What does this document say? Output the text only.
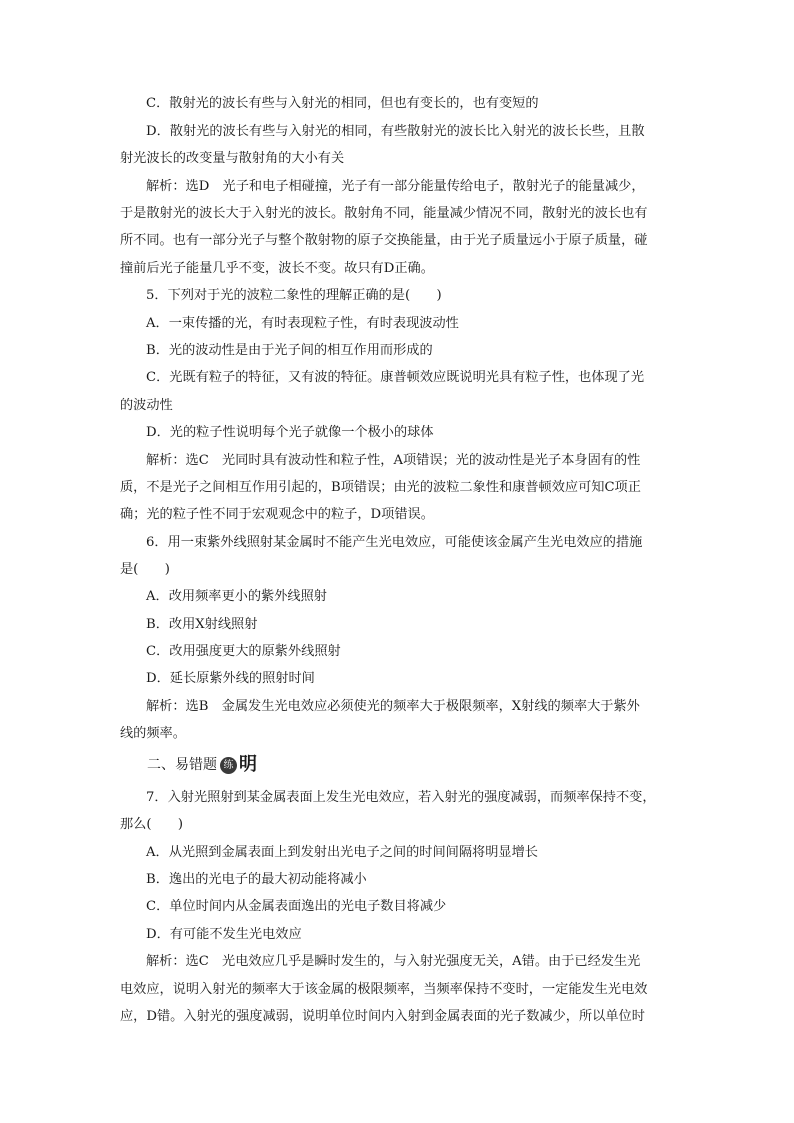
C．散射光的波长有些与入射光的相同，但也有变长的，也有变短的
D．散射光的波长有些与入射光的相同，有些散射光的波长比入射光的波长长些，且散
射光波长的改变量与散射角的大小有关
解析：选D　光子和电子相碰撞，光子有一部分能量传给电子，散射光子的能量减少，
于是散射光的波长大于入射光的波长。散射角不同，能量减少情况不同，散射光的波长也有
所不同。也有一部分光子与整个散射物的原子交换能量，由于光子质量远小于原子质量，碰
撞前后光子能量几乎不变，波长不变。故只有D正确。
5．下列对于光的波粒二象性的理解正确的是(　　)
A．一束传播的光，有时表现粒子性，有时表现波动性
B．光的波动性是由于光子间的相互作用而形成的
C．光既有粒子的特征，又有波的特征。康普顿效应既说明光具有粒子性，也体现了光
的波动性
D．光的粒子性说明每个光子就像一个极小的球体
解析：选C　光同时具有波动性和粒子性，A项错误；光的波动性是光子本身固有的性
质，不是光子之间相互作用引起的，B项错误；由光的波粒二象性和康普顿效应可知C项正
确；光的粒子性不同于宏观观念中的粒子，D项错误。
6．用一束紫外线照射某金属时不能产生光电效应，可能使该金属产生光电效应的措施
是(　　)
A．改用频率更小的紫外线照射
B．改用X射线照射
C．改用强度更大的原紫外线照射
D．延长原紫外线的照射时间
解析：选B　金属发生光电效应必须使光的频率大于极限频率，X射线的频率大于紫外
线的频率。
二、易错题 练 明
7．入射光照射到某金属表面上发生光电效应，若入射光的强度减弱，而频率保持不变，
那么(　　)
A．从光照到金属表面上到发射出光电子之间的时间间隔将明显增长
B．逸出的光电子的最大初动能将减小
C．单位时间内从金属表面逸出的光电子数目将减少
D．有可能不发生光电效应
解析：选C　光电效应几乎是瞬时发生的，与入射光强度无关，A错。由于已经发生光
电效应，说明入射光的频率大于该金属的极限频率，当频率保持不变时，一定能发生光电效
应，D错。入射光的强度减弱，说明单位时间内入射到金属表面的光子数减少，所以单位时
